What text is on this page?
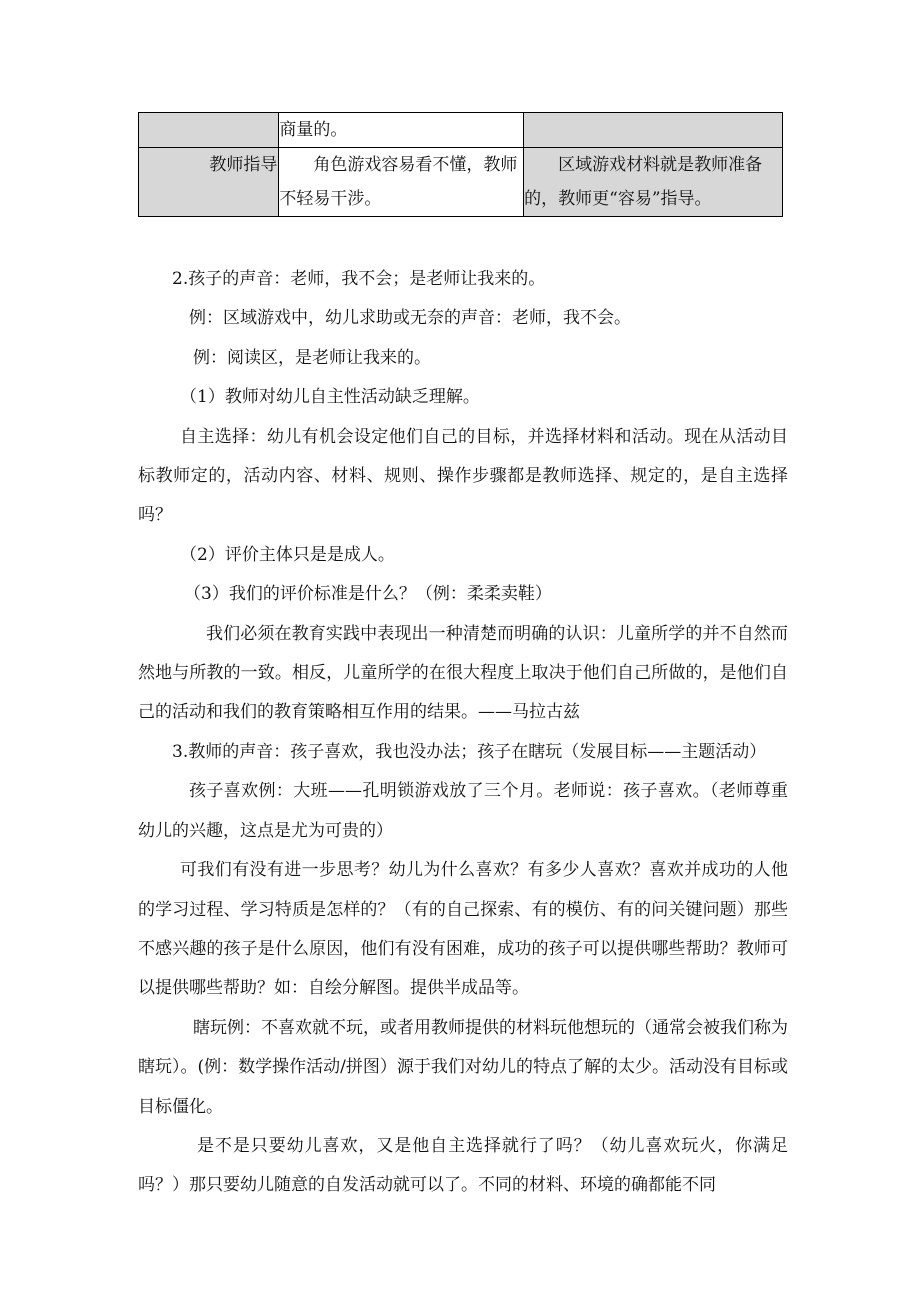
	商量的。	
教师指导	角色游戏容易看不懂，教师不轻易干涉。	区域游戏材料就是教师准备的，教师更“容易”指导。

2.孩子的声音：老师，我不会；是老师让我来的。

例：区域游戏中，幼儿求助或无奈的声音：老师，我不会。

例：阅读区，是老师让我来的。

（1）教师对幼儿自主性活动缺乏理解。

自主选择：幼儿有机会设定他们自己的目标，并选择材料和活动。现在从活动目标教师定的，活动内容、材料、规则、操作步骤都是教师选择、规定的，是自主选择吗？

（2）评价主体只是是成人。

（3）我们的评价标准是什么？（例：柔柔卖鞋）

我们必须在教育实践中表现出一种清楚而明确的认识：儿童所学的并不自然而然地与所教的一致。相反，儿童所学的在很大程度上取决于他们自己所做的，是他们自己的活动和我们的教育策略相互作用的结果。——马拉古兹

3.教师的声音：孩子喜欢，我也没办法；孩子在瞎玩（发展目标——主题活动）

孩子喜欢例：大班——孔明锁游戏放了三个月。老师说：孩子喜欢。（老师尊重幼儿的兴趣，这点是尤为可贵的）

可我们有没有进一步思考？幼儿为什么喜欢？有多少人喜欢？喜欢并成功的人他的学习过程、学习特质是怎样的？（有的自己探索、有的模仿、有的问关键问题）那些不感兴趣的孩子是什么原因，他们有没有困难，成功的孩子可以提供哪些帮助？教师可以提供哪些帮助？如：自绘分解图。提供半成品等。

瞎玩例：不喜欢就不玩，或者用教师提供的材料玩他想玩的（通常会被我们称为瞎玩）。(例：数学操作活动/拼图）源于我们对幼儿的特点了解的太少。活动没有目标或目标僵化。

是不是只要幼儿喜欢，又是他自主选择就行了吗？（幼儿喜欢玩火，你满足吗？）那只要幼儿随意的自发活动就可以了。不同的材料、环境的确都能不同
